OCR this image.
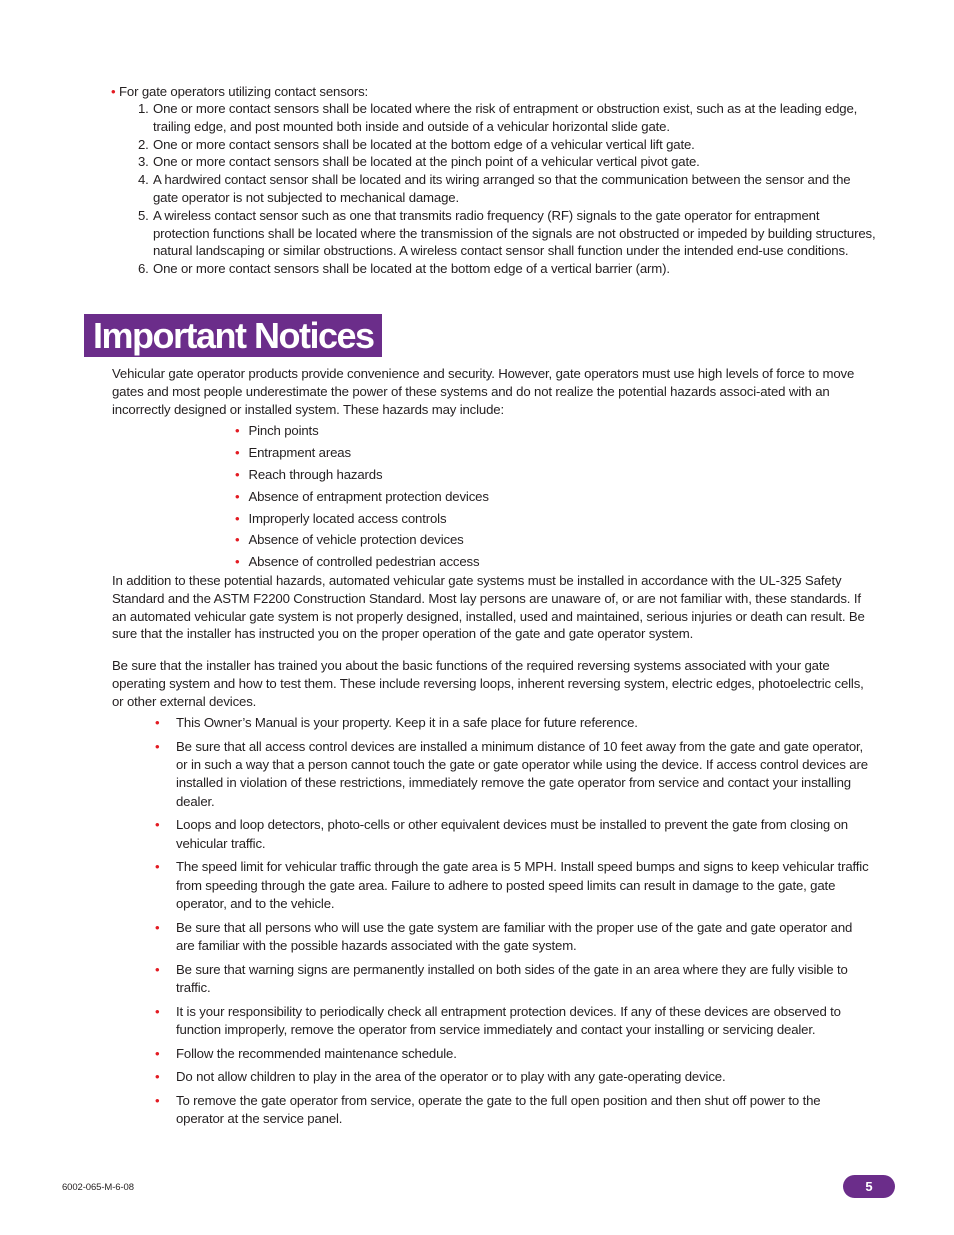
• For gate operators utilizing contact sensors:
1. One or more contact sensors shall be located where the risk of entrapment or obstruction exist, such as at the leading edge, trailing edge, and post mounted both inside and outside of a vehicular horizontal slide gate.
2. One or more contact sensors shall be located at the bottom edge of a vehicular vertical lift gate.
3. One or more contact sensors shall be located at the pinch point of a vehicular vertical pivot gate.
4. A hardwired contact sensor shall be located and its wiring arranged so that the communication between the sensor and the gate operator is not subjected to mechanical damage.
5. A wireless contact sensor such as one that transmits radio frequency (RF) signals to the gate operator for entrapment protection functions shall be located where the transmission of the signals are not obstructed or impeded by building structures, natural landscaping or similar obstructions. A wireless contact sensor shall function under the intended end-use conditions.
6. One or more contact sensors shall be located at the bottom edge of a vertical barrier (arm).
Important Notices
Vehicular gate operator products provide convenience and security. However, gate operators must use high levels of force to move gates and most people underestimate the power of these systems and do not realize the potential hazards associ-ated with an incorrectly designed or installed system. These hazards may include:
• Pinch points
• Entrapment areas
• Reach through hazards
• Absence of entrapment protection devices
• Improperly located access controls
• Absence of vehicle protection devices
• Absence of controlled pedestrian access
In addition to these potential hazards, automated vehicular gate systems must be installed in accordance with the UL-325 Safety Standard and the ASTM F2200 Construction Standard. Most lay persons are unaware of, or are not familiar with, these standards. If an automated vehicular gate system is not properly designed, installed, used and maintained, serious injuries or death can result. Be sure that the installer has instructed you on the proper operation of the gate and gate operator system.
Be sure that the installer has trained you about the basic functions of the required reversing systems associated with your gate operating system and how to test them. These include reversing loops, inherent reversing system, electric edges, photoelectric cells, or other external devices.
• This Owner’s Manual is your property. Keep it in a safe place for future reference.
• Be sure that all access control devices are installed a minimum distance of 10 feet away from the gate and gate operator, or in such a way that a person cannot touch the gate or gate operator while using the device. If access control devices are installed in violation of these restrictions, immediately remove the gate operator from service and contact your installing dealer.
• Loops and loop detectors, photo-cells or other equivalent devices must be installed to prevent the gate from closing on vehicular traffic.
• The speed limit for vehicular traffic through the gate area is 5 MPH. Install speed bumps and signs to keep vehicular traffic from speeding through the gate area. Failure to adhere to posted speed limits can result in damage to the gate, gate operator, and to the vehicle.
• Be sure that all persons who will use the gate system are familiar with the proper use of the gate and gate operator and are familiar with the possible hazards associated with the gate system.
• Be sure that warning signs are permanently installed on both sides of the gate in an area where they are fully visible to traffic.
• It is your responsibility to periodically check all entrapment protection devices. If any of these devices are observed to function improperly, remove the operator from service immediately and contact your installing or servicing dealer.
• Follow the recommended maintenance schedule.
• Do not allow children to play in the area of the operator or to play with any gate-operating device.
• To remove the gate operator from service, operate the gate to the full open position and then shut off power to the operator at the service panel.
6002-065-M-6-08	5
